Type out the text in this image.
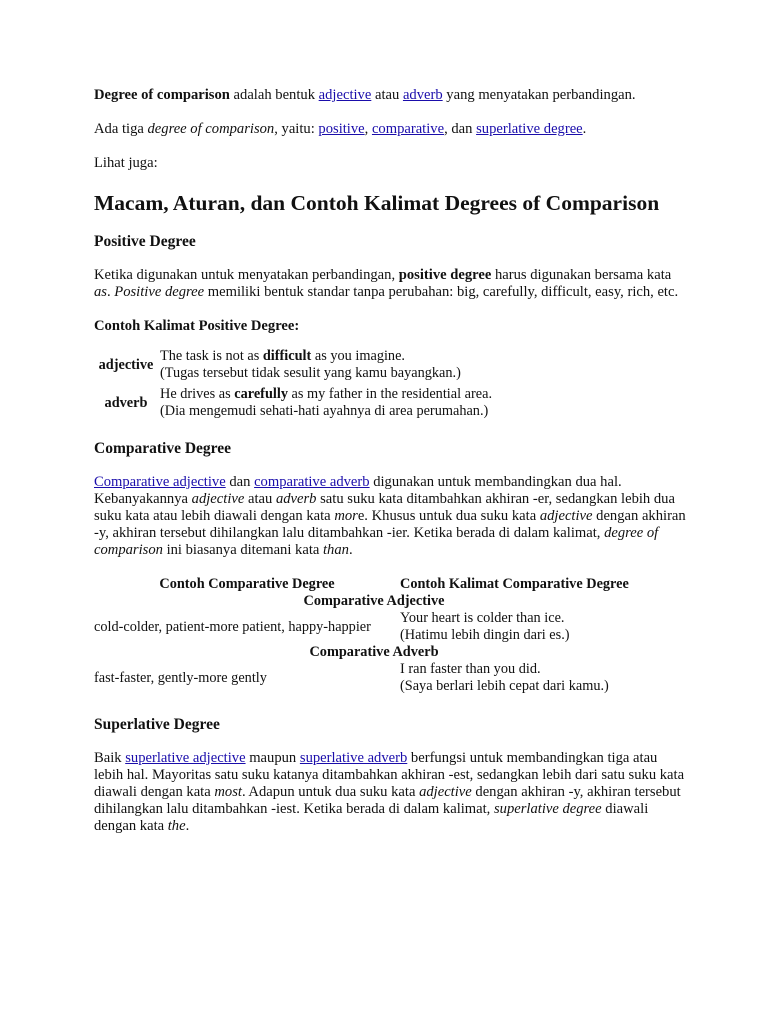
Degree of comparison adalah bentuk adjective atau adverb yang menyatakan perbandingan.

Ada tiga degree of comparison, yaitu: positive, comparative, dan superlative degree.

Lihat juga:

Macam, Aturan, dan Contoh Kalimat Degrees of Comparison
Positive Degree

Ketika digunakan untuk menyatakan perbandingan, positive degree harus digunakan bersama kata as. Positive degree memiliki bentuk standar tanpa perubahan: big, carefully, difficult, easy, rich, etc.

Contoh Kalimat Positive Degree:

adjective	The task is not as difficult as you imagine.
(Tugas tersebut tidak sesulit yang kamu bayangkan.)
adverb	He drives as carefully as my father in the residential area.
(Dia mengemudi sehati-hati ayahnya di area perumahan.)
Comparative Degree

Comparative adjective dan comparative adverb digunakan untuk membandingkan dua hal. Kebanyakannya adjective atau adverb satu suku kata ditambahkan akhiran -er, sedangkan lebih dua suku kata atau lebih diawali dengan kata more. Khusus untuk dua suku kata adjective dengan akhiran -y, akhiran tersebut dihilangkan lalu ditambahkan -ier. Ketika berada di dalam kalimat, degree of comparison ini biasanya ditemani kata than.

Contoh Comparative Degree	Contoh Kalimat Comparative Degree
Comparative Adjective	
cold-colder, patient-more patient, happy-happier	Your heart is colder than ice.
(Hatimu lebih dingin dari es.)
Comparative Adverb	
fast-faster, gently-more gently	I ran faster than you did.
(Saya berlari lebih cepat dari kamu.)
Superlative Degree

Baik superlative adjective maupun superlative adverb berfungsi untuk membandingkan tiga atau lebih hal. Mayoritas satu suku katanya ditambahkan akhiran -est, sedangkan lebih dari satu suku kata diawali dengan kata most. Adapun untuk dua suku kata adjective dengan akhiran -y, akhiran tersebut dihilangkan lalu ditambahkan -iest. Ketika berada di dalam kalimat, superlative degree diawali dengan kata the.
